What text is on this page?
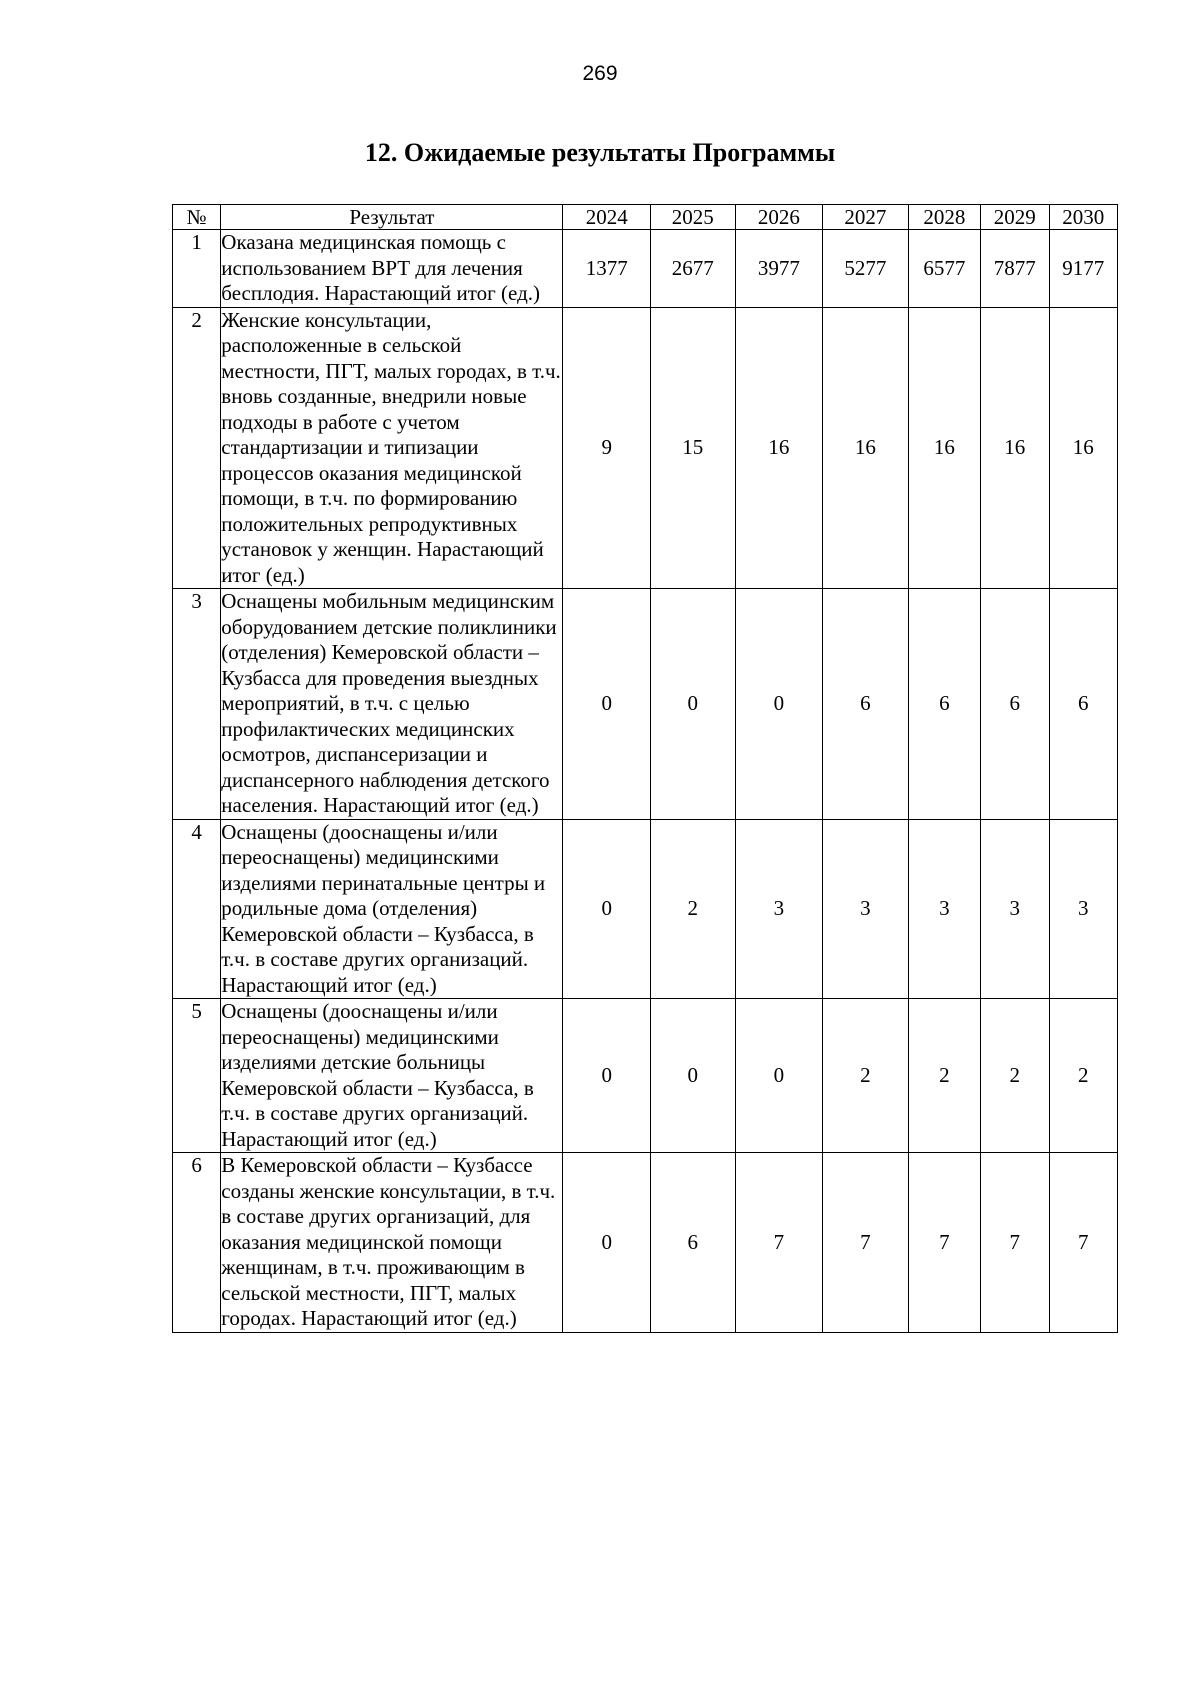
269
12. Ожидаемые результаты Программы
№	Результат	2024	2025	2026	2027	2028	2029	2030
1	Оказана медицинская помощь с использованием ВРТ для лечения бесплодия. Нарастающий итог (ед.)	1377	2677	3977	5277	6577	7877	9177
2	Женские консультации, расположенные в сельской местности, ПГТ, малых городах, в т.ч. вновь созданные, внедрили новые подходы в работе с учетом стандартизации и типизации процессов оказания медицинской помощи, в т.ч. по формированию положительных репродуктивных установок у женщин. Нарастающий итог (ед.)	9	15	16	16	16	16	16
3	Оснащены мобильным медицинским оборудованием детские поликлиники (отделения) Кемеровской области – Кузбасса для проведения выездных мероприятий, в т.ч. с целью профилактических медицинских осмотров, диспансеризации и диспансерного наблюдения детского населения. Нарастающий итог (ед.)	0	0	0	6	6	6	6
4	Оснащены (дооснащены и/или переоснащены) медицинскими изделиями перинатальные центры и родильные дома (отделения) Кемеровской области – Кузбасса, в т.ч. в составе других организаций. Нарастающий итог (ед.)	0	2	3	3	3	3	3
5	Оснащены (дооснащены и/или переоснащены) медицинскими изделиями детские больницы Кемеровской области – Кузбасса, в т.ч. в составе других организаций. Нарастающий итог (ед.)	0	0	0	2	2	2	2
6	В Кемеровской области – Кузбассе созданы женские консультации, в т.ч. в составе других организаций, для оказания медицинской помощи женщинам, в т.ч. проживающим в сельской местности, ПГТ, малых городах. Нарастающий итог (ед.)	0	6	7	7	7	7	7
